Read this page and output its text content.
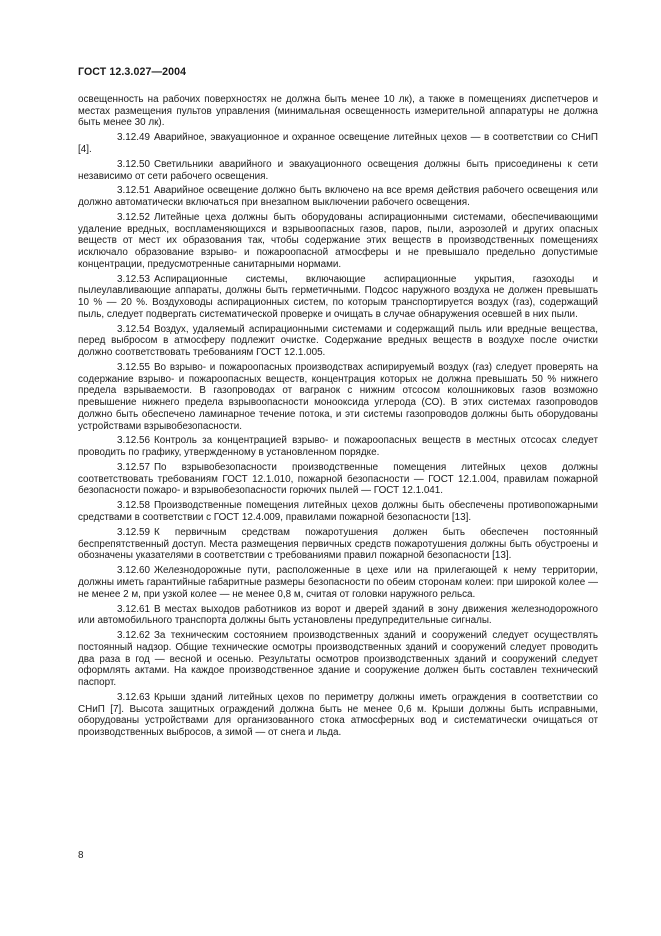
ГОСТ 12.3.027—2004

освещенность на рабочих поверхностях не должна быть менее 10 лк), а также в помещениях диспетчеров и местах размещения пультов управления (минимальная освещенность измерительной аппаратуры не должна быть менее 30 лк).

3.12.49 Аварийное, эвакуационное и охранное освещение литейных цехов — в соответствии со СНиП [4].

3.12.50 Светильники аварийного и эвакуационного освещения должны быть присоединены к сети независимо от сети рабочего освещения.

3.12.51 Аварийное освещение должно быть включено на все время действия рабочего освещения или должно автоматически включаться при внезапном выключении рабочего освещения.

3.12.52 Литейные цеха должны быть оборудованы аспирационными системами, обеспечивающими удаление вредных, воспламеняющихся и взрывоопасных газов, паров, пыли, аэрозолей и других опасных веществ от мест их образования так, чтобы содержание этих веществ в производственных помещениях исключало образование взрыво- и пожароопасной атмосферы и не превышало предельно допустимые концентрации, предусмотренные санитарными нормами.

3.12.53 Аспирационные системы, включающие аспирационные укрытия, газоходы и пылеулавливающие аппараты, должны быть герметичными. Подсос наружного воздуха не должен превышать 10 % — 20 %. Воздуховоды аспирационных систем, по которым транспортируется воздух (газ), содержащий пыль, следует подвергать систематической проверке и очищать в случае обнаружения осевшей в них пыли.

3.12.54 Воздух, удаляемый аспирационными системами и содержащий пыль или вредные вещества, перед выбросом в атмосферу подлежит очистке. Содержание вредных веществ в воздухе после очистки должно соответствовать требованиям ГОСТ 12.1.005.

3.12.55 Во взрыво- и пожароопасных производствах аспирируемый воздух (газ) следует проверять на содержание взрыво- и пожароопасных веществ, концентрация которых не должна превышать 50 % нижнего предела взрываемости. В газопроводах от вагранок с нижним отсосом колошниковых газов возможно превышение нижнего предела взрывоопасности монооксида углерода (СО). В этих системах газопроводов должно быть обеспечено ламинарное течение потока, и эти системы газопроводов должны быть оборудованы устройствами взрывобезопасности.

3.12.56 Контроль за концентрацией взрыво- и пожароопасных веществ в местных отсосах следует проводить по графику, утвержденному в установленном порядке.

3.12.57 По взрывобезопасности производственные помещения литейных цехов должны соответствовать требованиям ГОСТ 12.1.010, пожарной безопасности — ГОСТ 12.1.004, правилам пожарной безопасности пожаро- и взрывобезопасности горючих пылей — ГОСТ 12.1.041.

3.12.58 Производственные помещения литейных цехов должны быть обеспечены противопожарными средствами в соответствии с ГОСТ 12.4.009, правилами пожарной безопасности [13].

3.12.59 К первичным средствам пожаротушения должен быть обеспечен постоянный беспрепятственный доступ. Места размещения первичных средств пожаротушения должны быть обустроены и обозначены указателями в соответствии с требованиями правил пожарной безопасности [13].

3.12.60 Железнодорожные пути, расположенные в цехе или на прилегающей к нему территории, должны иметь гарантийные габаритные размеры безопасности по обеим сторонам колеи: при широкой колее — не менее 2 м, при узкой колее — не менее 0,8 м, считая от головки наружного рельса.

3.12.61 В местах выходов работников из ворот и дверей зданий в зону движения железнодорожного или автомобильного транспорта должны быть установлены предупредительные сигналы.

3.12.62 За техническим состоянием производственных зданий и сооружений следует осуществлять постоянный надзор. Общие технические осмотры производственных зданий и сооружений следует проводить два раза в год — весной и осенью. Результаты осмотров производственных зданий и сооружений следует оформлять актами. На каждое производственное здание и сооружение должен быть составлен технический паспорт.

3.12.63 Крыши зданий литейных цехов по периметру должны иметь ограждения в соответствии со СНиП [7]. Высота защитных ограждений должна быть не менее 0,6 м. Крыши должны быть исправными, оборудованы устройствами для организованного стока атмосферных вод и систематически очищаться от производственных выбросов, а зимой — от снега и льда.

8
